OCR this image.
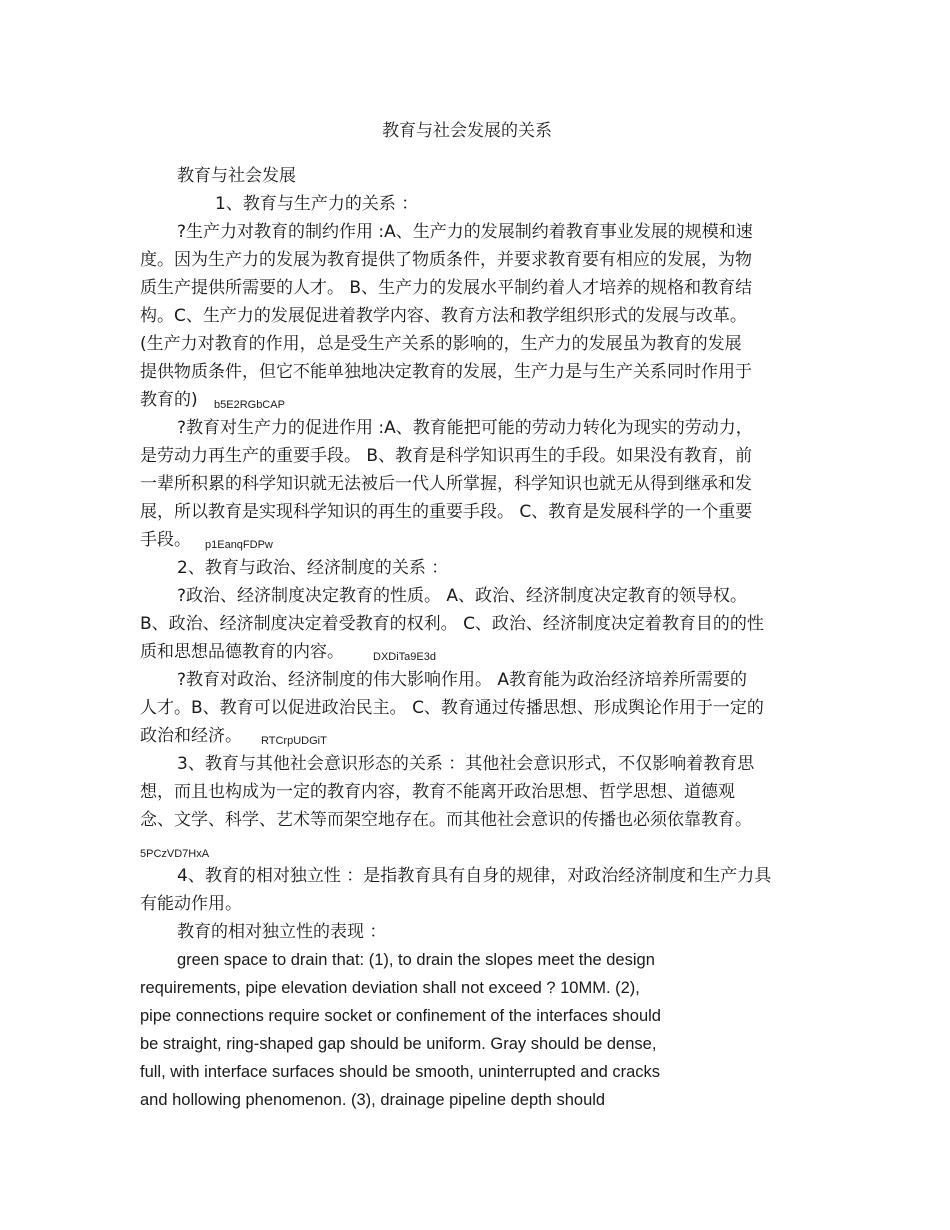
教育与社会发展的关系
教育与社会发展
1、教育与生产力的关系 ：
?生产力对教育的制约作用 :A、生产力的发展制约着教育事业发展的规模和速
度。因为生产力的发展为教育提供了物质条件，并要求教育要有相应的发展，为物
质生产提供所需要的人才。 B、生产力的发展水平制约着人才培养的规格和教育结
构。C、生产力的发展促进着教学内容、教育方法和教学组织形式的发展与改革。
(生产力对教育的作用，总是受生产关系的影响的，生产力的发展虽为教育的发展
提供物质条件，但它不能单独地决定教育的发展，生产力是与生产关系同时作用于
教育的) b5E2RGbCAP
?教育对生产力的促进作用 :A、教育能把可能的劳动力转化为现实的劳动力，
是劳动力再生产的重要手段。 B、教育是科学知识再生的手段。如果没有教育，前
一辈所积累的科学知识就无法被后一代人所掌握，科学知识也就无从得到继承和发
展，所以教育是实现科学知识的再生的重要手段。 C、教育是发展科学的一个重要
手段。 p1EanqFDPw
2、教育与政治、经济制度的关系 ：
?政治、经济制度决定教育的性质。 A、政治、经济制度决定教育的领导权。
B、政治、经济制度决定着受教育的权利。 C、政治、经济制度决定着教育目的的性
质和思想品德教育的内容。	DXDiTa9E3d
?教育对政治、经济制度的伟大影响作用。 A教育能为政治经济培养所需要的
人才。B、教育可以促进政治民主。 C、教育通过传播思想、形成舆论作用于一定的
政治和经济。 RTCrpUDGiT
3、教育与其他社会意识形态的关系 ：其他社会意识形式，不仅影响着教育思
想，而且也构成为一定的教育内容，教育不能离开政治思想、哲学思想、道德观
念、文学、科学、艺术等而架空地存在。而其他社会意识的传播也必须依靠教育。
5PCzVD7HxA
4、教育的相对独立性 ：是指教育具有自身的规律，对政治经济制度和生产力具
有能动作用。
教育的相对独立性的表现 ：
green space to drain that: (1), to drain the slopes meet the design
requirements, pipe elevation deviation shall not exceed ? 10MM. (2),
pipe connections require socket or confinement of the interfaces should
be straight, ring-shaped gap should be uniform. Gray should be dense,
full, with interface surfaces should be smooth, uninterrupted and cracks
and hollowing phenomenon. (3), drainage pipeline depth should
